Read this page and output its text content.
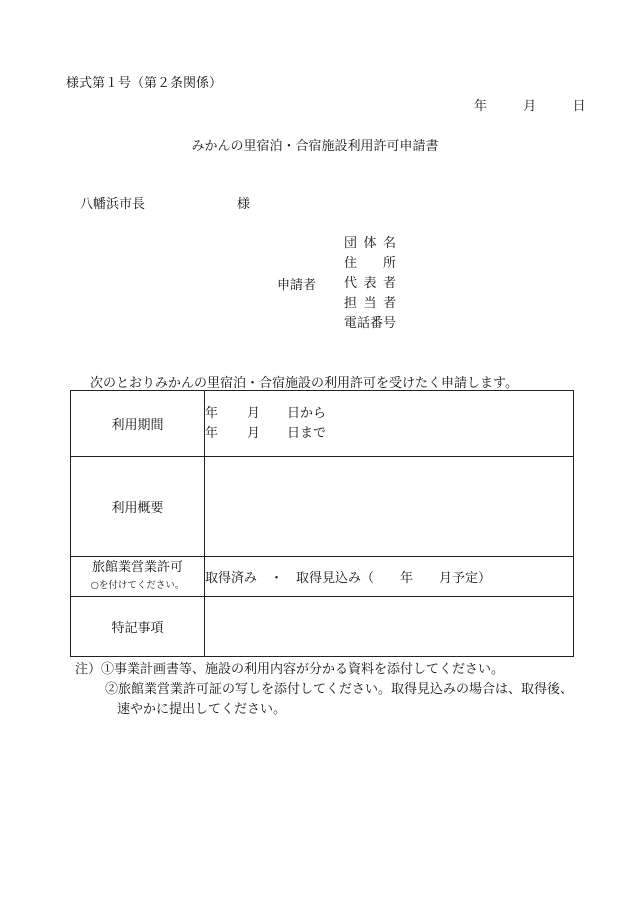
様式第１号（第２条関係）
年	月	日
みかんの里宿泊・合宿施設利用許可申請書
八幡浜市長	様
申請者
団体名
住所
代表者
担当者
電話番号
次のとおりみかんの里宿泊・合宿施設の利用許可を受けたく申請します。
利用期間	年 月 日から
年 月 日まで

利用概要	
旅館業営業許可
○を付けてください。	取得済み　・　取得見込み（　　年　　月予定）
特記事項	
注）①事業計画書等、施設の利用内容が分かる資料を添付してください。
②旅館業営業許可証の写しを添付してください。取得見込みの場合は、取得後、
速やかに提出してください。
